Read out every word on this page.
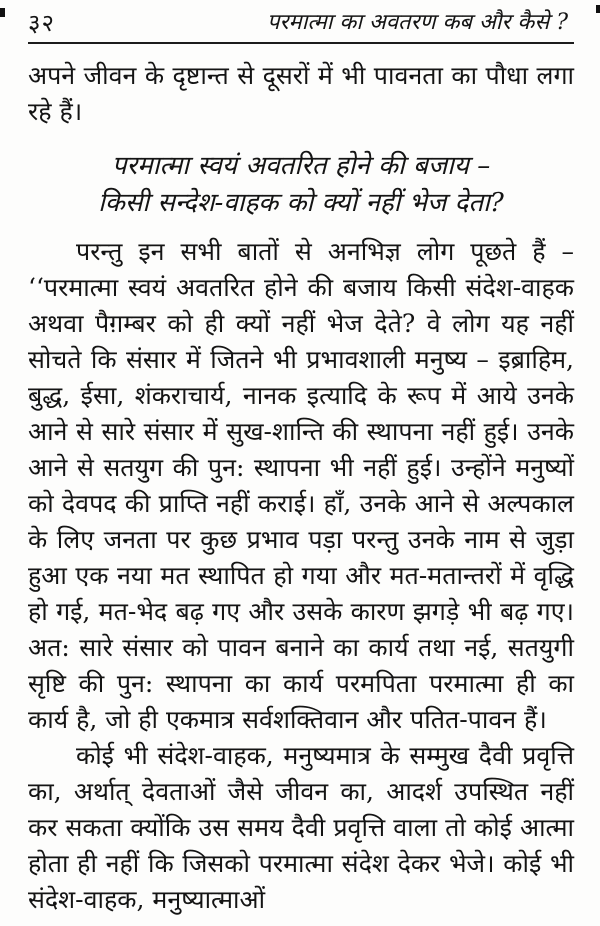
३२	परमात्मा का अवतरण कब और कैसे ?

अपने जीवन के दृष्टान्त से दूसरों में भी पावनता का पौधा लगा रहे हैं।

परमात्मा स्वयं अवतरित होने की बजाय –
किसी सन्देश-वाहक को क्यों नहीं भेज देता?

परन्तु इन सभी बातों से अनभिज्ञ लोग पूछते हैं – ‘‘परमात्मा स्वयं अवतरित होने की बजाय किसी संदेश-वाहक अथवा पैग़म्बर को ही क्यों नहीं भेज देते? वे लोग यह नहीं सोचते कि संसार में जितने भी प्रभावशाली मनुष्य – इब्राहिम, बुद्ध, ईसा, शंकराचार्य, नानक इत्यादि के रूप में आये उनके आने से सारे संसार में सुख-शान्ति की स्थापना नहीं हुई। उनके आने से सतयुग की पुन: स्थापना भी नहीं हुई। उन्होंने मनुष्यों को देवपद की प्राप्ति नहीं कराई। हाँ, उनके आने से अल्पकाल के लिए जनता पर कुछ प्रभाव पड़ा परन्तु उनके नाम से जुड़ा हुआ एक नया मत स्थापित हो गया और मत-मतान्तरों में वृद्धि हो गई, मत-भेद बढ़ गए और उसके कारण झगड़े भी बढ़ गए। अत: सारे संसार को पावन बनाने का कार्य तथा नई, सतयुगी सृष्टि की पुन: स्थापना का कार्य परमपिता परमात्मा ही का कार्य है, जो ही एकमात्र सर्वशक्तिवान और पतित-पावन हैं।

कोई भी संदेश-वाहक, मनुष्यमात्र के सम्मुख दैवी प्रवृत्ति का, अर्थात् देवताओं जैसे जीवन का, आदर्श उपस्थित नहीं कर सकता क्योंकि उस समय दैवी प्रवृत्ति वाला तो कोई आत्मा होता ही नहीं कि जिसको परमात्मा संदेश देकर भेजे। कोई भी संदेश-वाहक, मनुष्यात्माओं
